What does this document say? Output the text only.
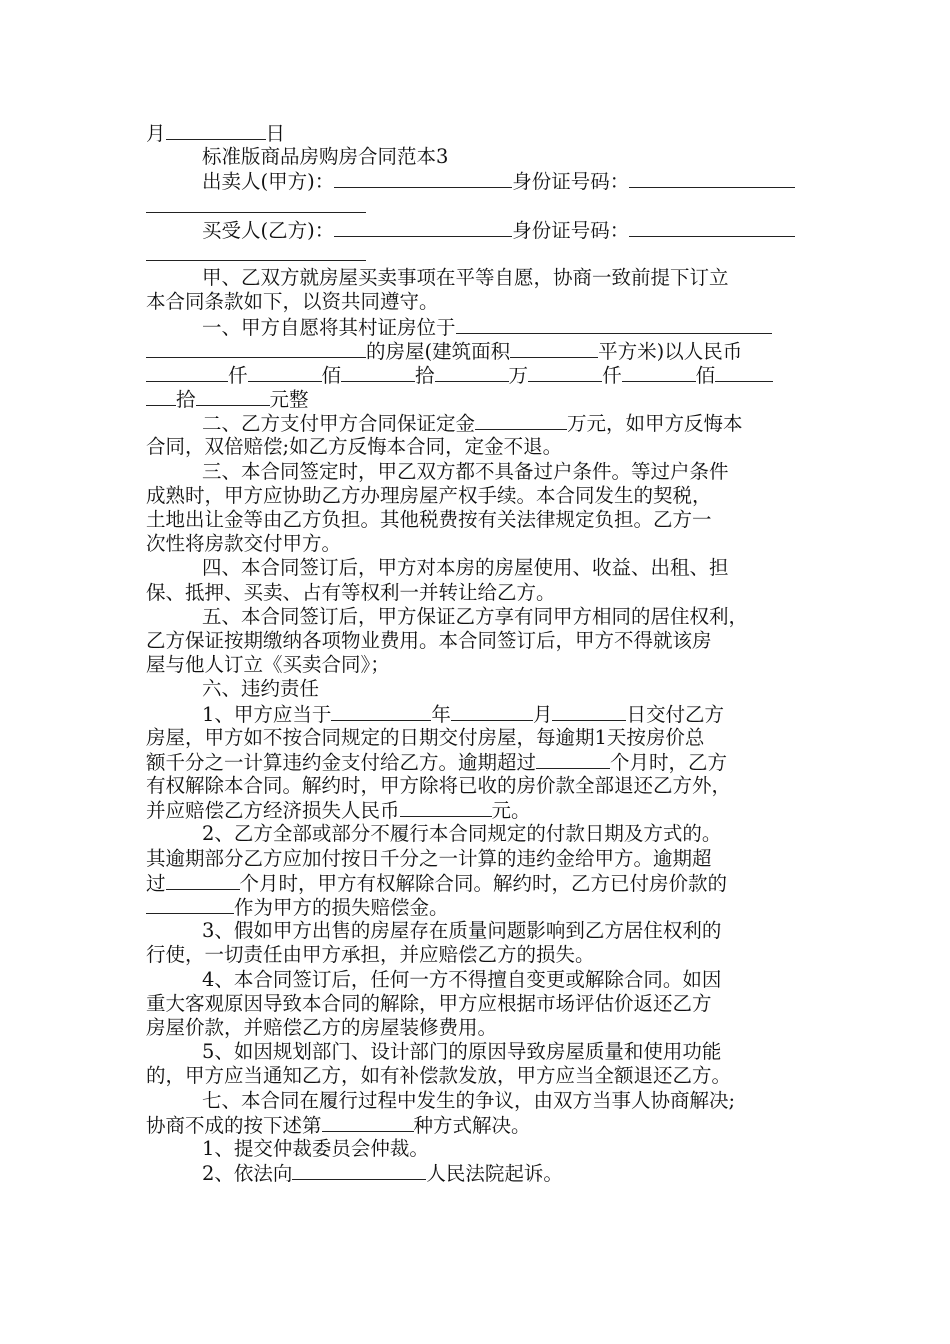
月	日
标准版商品房购房合同范本3
出卖人(甲方)：	身份证号码：
买受人(乙方)：	身份证号码：
甲、乙双方就房屋买卖事项在平等自愿，协商一致前提下订立
本合同条款如下，以资共同遵守。
一、甲方自愿将其村证房位于
的房屋(建筑面积	平方米)以人民币
仟	佰	拾	万	仟	佰
拾	元整
二、乙方支付甲方合同保证定金	万元，如甲方反悔本
合同，双倍赔偿;如乙方反悔本合同，定金不退。
三、本合同签定时，甲乙双方都不具备过户条件。等过户条件
成熟时，甲方应协助乙方办理房屋产权手续。本合同发生的契税，
土地出让金等由乙方负担。其他税费按有关法律规定负担。乙方一
次性将房款交付甲方。
四、本合同签订后，甲方对本房的房屋使用、收益、出租、担
保、抵押、买卖、占有等权利一并转让给乙方。
五、本合同签订后，甲方保证乙方享有同甲方相同的居住权利，
乙方保证按期缴纳各项物业费用。本合同签订后，甲方不得就该房
屋与他人订立《买卖合同》；
六、违约责任
1、甲方应当于	年	月	日交付乙方
房屋，甲方如不按合同规定的日期交付房屋，每逾期1天按房价总
额千分之一计算违约金支付给乙方。逾期超过	个月时，乙方
有权解除本合同。解约时，甲方除将已收的房价款全部退还乙方外，
并应赔偿乙方经济损失人民币	元。
2、乙方全部或部分不履行本合同规定的付款日期及方式的。
其逾期部分乙方应加付按日千分之一计算的违约金给甲方。逾期超
过	个月时，甲方有权解除合同。解约时，乙方已付房价款的
作为甲方的损失赔偿金。
3、假如甲方出售的房屋存在质量问题影响到乙方居住权利的
行使，一切责任由甲方承担，并应赔偿乙方的损失。
4、本合同签订后，任何一方不得擅自变更或解除合同。如因
重大客观原因导致本合同的解除，甲方应根据市场评估价返还乙方
房屋价款，并赔偿乙方的房屋装修费用。
5、如因规划部门、设计部门的原因导致房屋质量和使用功能
的，甲方应当通知乙方，如有补偿款发放，甲方应当全额退还乙方。
七、本合同在履行过程中发生的争议，由双方当事人协商解决;
协商不成的按下述第	种方式解决。
1、提交仲裁委员会仲裁。
2、依法向	人民法院起诉。
